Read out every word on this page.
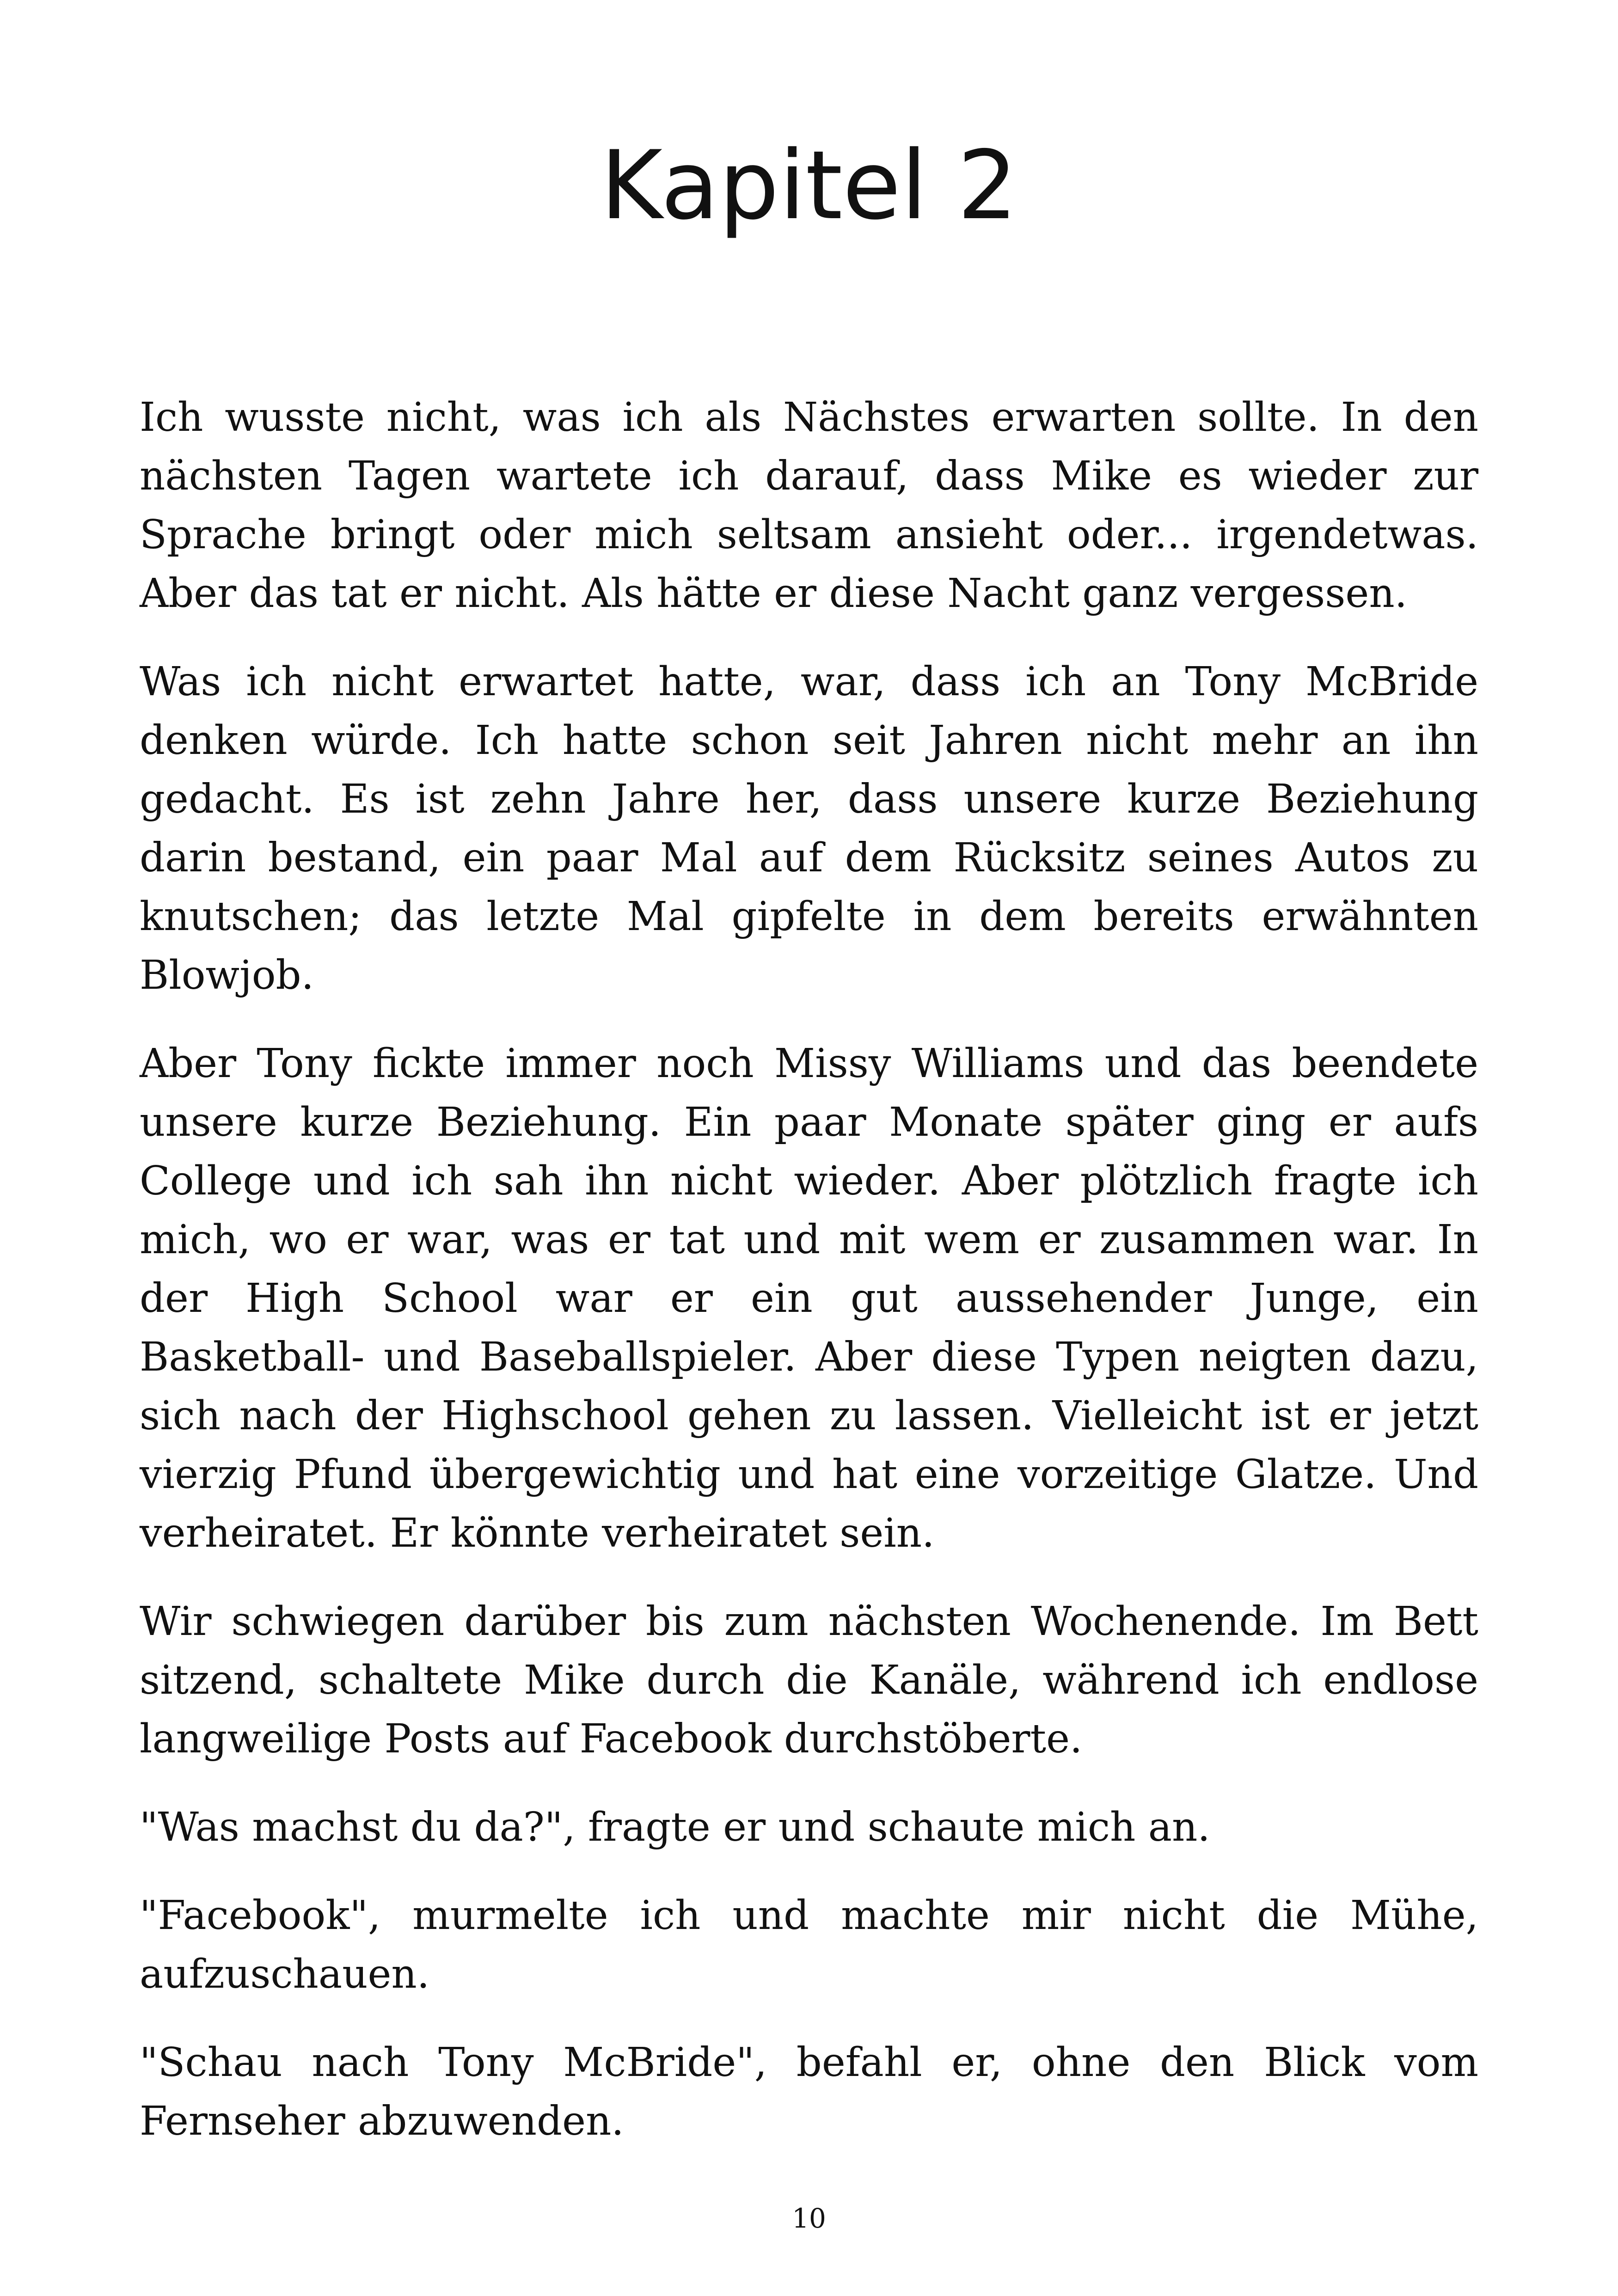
Kapitel 2

Ich wusste nicht, was ich als Nächstes erwarten sollte. In den nächsten Tagen wartete ich darauf, dass Mike es wieder zur Sprache bringt oder mich seltsam ansieht oder... irgendetwas. Aber das tat er nicht. Als hätte er diese Nacht ganz vergessen.

Was ich nicht erwartet hatte, war, dass ich an Tony McBride denken würde. Ich hatte schon seit Jahren nicht mehr an ihn gedacht. Es ist zehn Jahre her, dass unsere kurze Beziehung darin bestand, ein paar Mal auf dem Rücksitz seines Autos zu knutschen; das letzte Mal gipfelte in dem bereits erwähnten Blowjob.

Aber Tony fickte immer noch Missy Williams und das beendete unsere kurze Beziehung. Ein paar Monate später ging er aufs College und ich sah ihn nicht wieder. Aber plötzlich fragte ich mich, wo er war, was er tat und mit wem er zusammen war. In der High School war er ein gut aussehender Junge, ein Basketball- und Baseballspieler. Aber diese Typen neigten dazu, sich nach der Highschool gehen zu lassen. Vielleicht ist er jetzt vierzig Pfund übergewichtig und hat eine vorzeitige Glatze. Und verheiratet. Er könnte verheiratet sein.

Wir schwiegen darüber bis zum nächsten Wochenende. Im Bett sitzend, schaltete Mike durch die Kanäle, während ich endlose langweilige Posts auf Facebook durchstöberte.

"Was machst du da?", fragte er und schaute mich an.

"Facebook", murmelte ich und machte mir nicht die Mühe, aufzuschauen.

"Schau nach Tony McBride", befahl er, ohne den Blick vom Fernseher abzuwenden.

10
